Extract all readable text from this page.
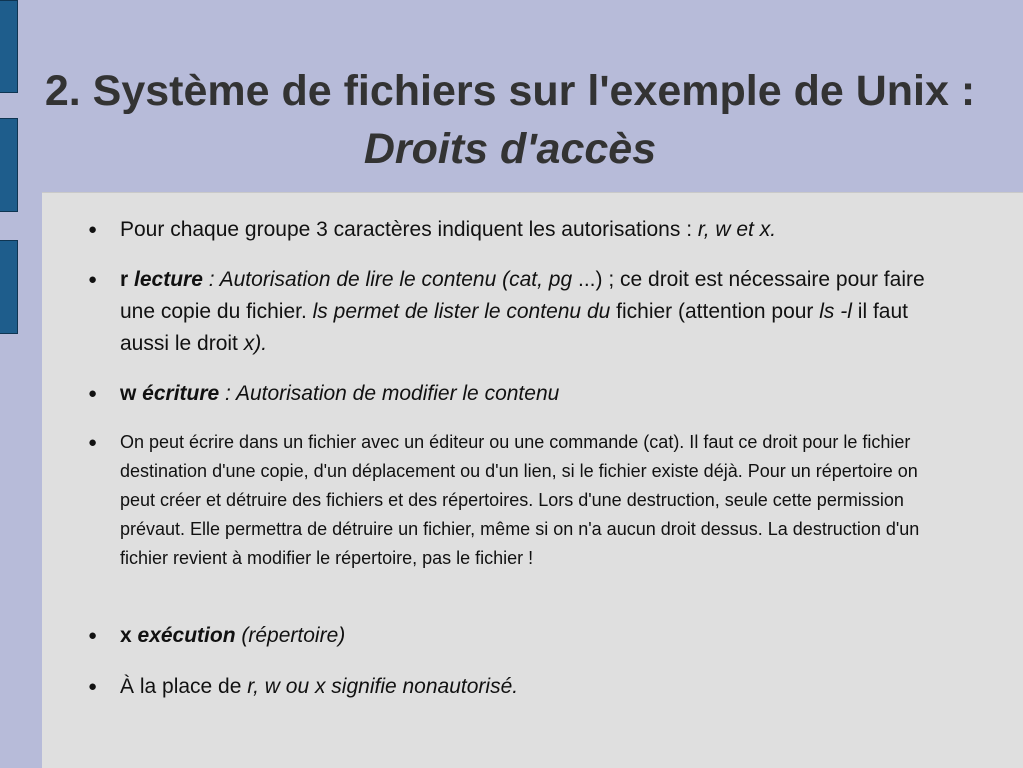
2. Système de fichiers sur l'exemple de Unix : Droits d'accès
● Pour chaque groupe 3 caractères indiquent les autorisations : r, w et x.
● r lecture : Autorisation de lire le contenu (cat, pg ...) ; ce droit est nécessaire pour faire une copie du fichier. ls permet de lister le contenu du fichier (attention pour ls -l il faut aussi le droit x).
● w écriture : Autorisation de modifier le contenu
● On peut écrire dans un fichier avec un éditeur ou une commande (cat). Il faut ce droit pour le fichier destination d'une copie, d'un déplacement ou d'un lien, si le fichier existe déjà. Pour un répertoire on peut créer et détruire des fichiers et des répertoires. Lors d'une destruction, seule cette permission prévaut. Elle permettra de détruire un fichier, même si on n'a aucun droit dessus. La destruction d'un fichier revient à modifier le répertoire, pas le fichier !
● x exécution (répertoire)
● À la place de r, w ou x signifie nonautorisé.
